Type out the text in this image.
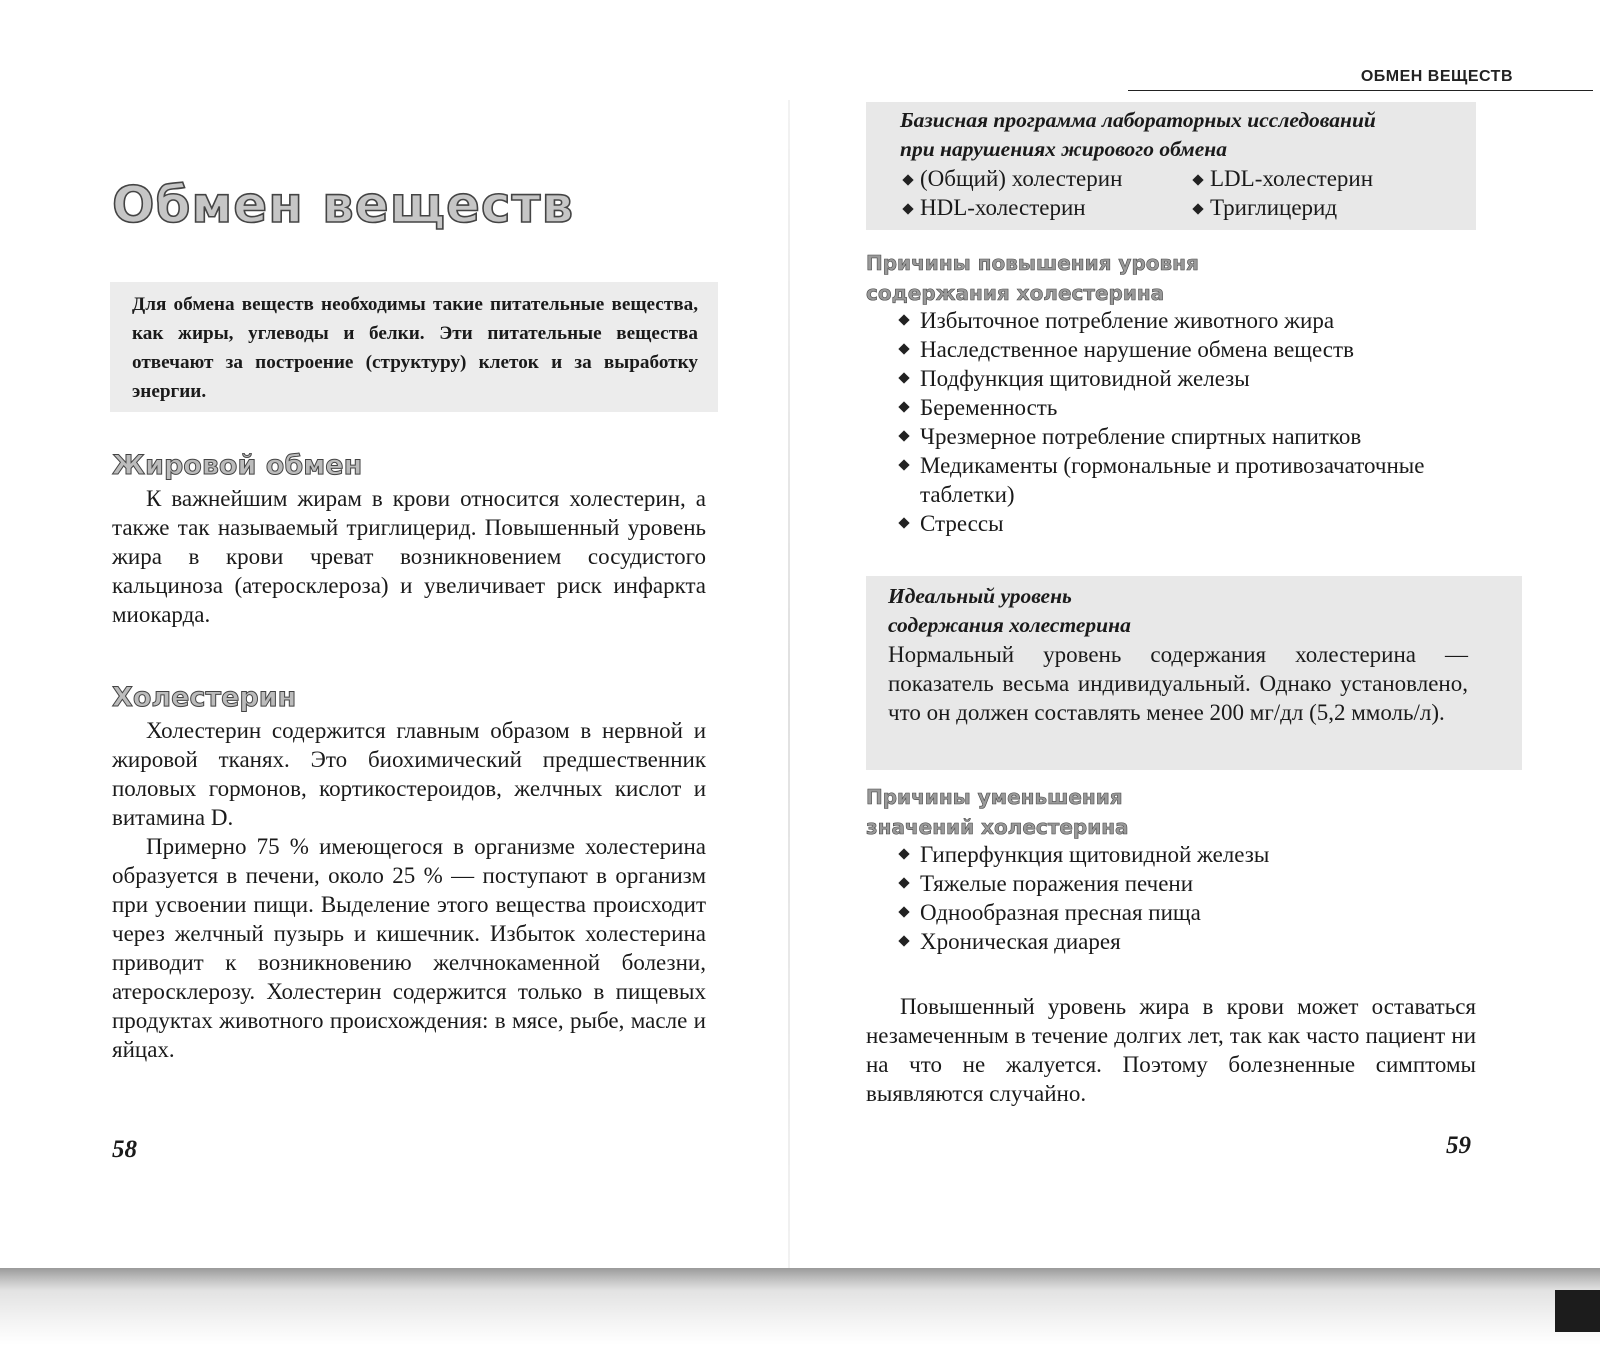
ОБМЕН ВЕЩЕСТВ
Обмен веществ

Для обмена веществ необходимы такие питательные вещества, как жиры, углеводы и белки. Эти питательные вещества отвечают за построение (структуру) клеток и за выработку энергии.

Жировой обмен

К важнейшим жирам в крови относится холестерин, а также так называемый триглицерид. Повышенный уровень жира в крови чреват возникновением сосудистого кальциноза (атеросклероза) и увеличивает риск инфаркта миокарда.

Холестерин

Холестерин содержится главным образом в нервной и жировой тканях. Это биохимический предшественник половых гормонов, кортикостероидов, желчных кислот и витамина D.

Примерно 75 % имеющегося в организме холестерина образуется в печени, около 25 % — поступают в организм при усвоении пищи. Выделение этого вещества происходит через желчный пузырь и кишечник. Избыток холестерина приводит к возникновению желчнокаменной болезни, атеросклерозу. Холестерин содержится только в пищевых продуктах животного происхождения: в мясе, рыбе, масле и яйцах.

58

Базисная программа лабораторных исследований

при нарушениях жирового обмена

(Общий) холестерин	LDL-холестерин
HDL-холестерин	Триглицерид
Причины повышения уровня
содержания холестерина
Избыточное потребление животного жира
Наследственное нарушение обмена веществ
Подфункция щитовидной железы
Беременность
Чрезмерное потребление спиртных напитков
Медикаменты (гормональные и противозачаточные таблетки)
Стрессы

Идеальный уровень

содержания холестерина

Нормальный уровень содержания холестерина — показатель весьма индивидуальный. Однако установлено, что он должен составлять менее 200 мг/дл (5,2 ммоль/л).

Причины уменьшения
значений холестерина
Гиперфункция щитовидной железы
Тяжелые поражения печени
Однообразная пресная пища
Хроническая диарея

Повышенный уровень жира в крови может оставаться незамеченным в течение долгих лет, так как часто пациент ни на что не жалуется. Поэтому болезненные симптомы выявляются случайно.

59
